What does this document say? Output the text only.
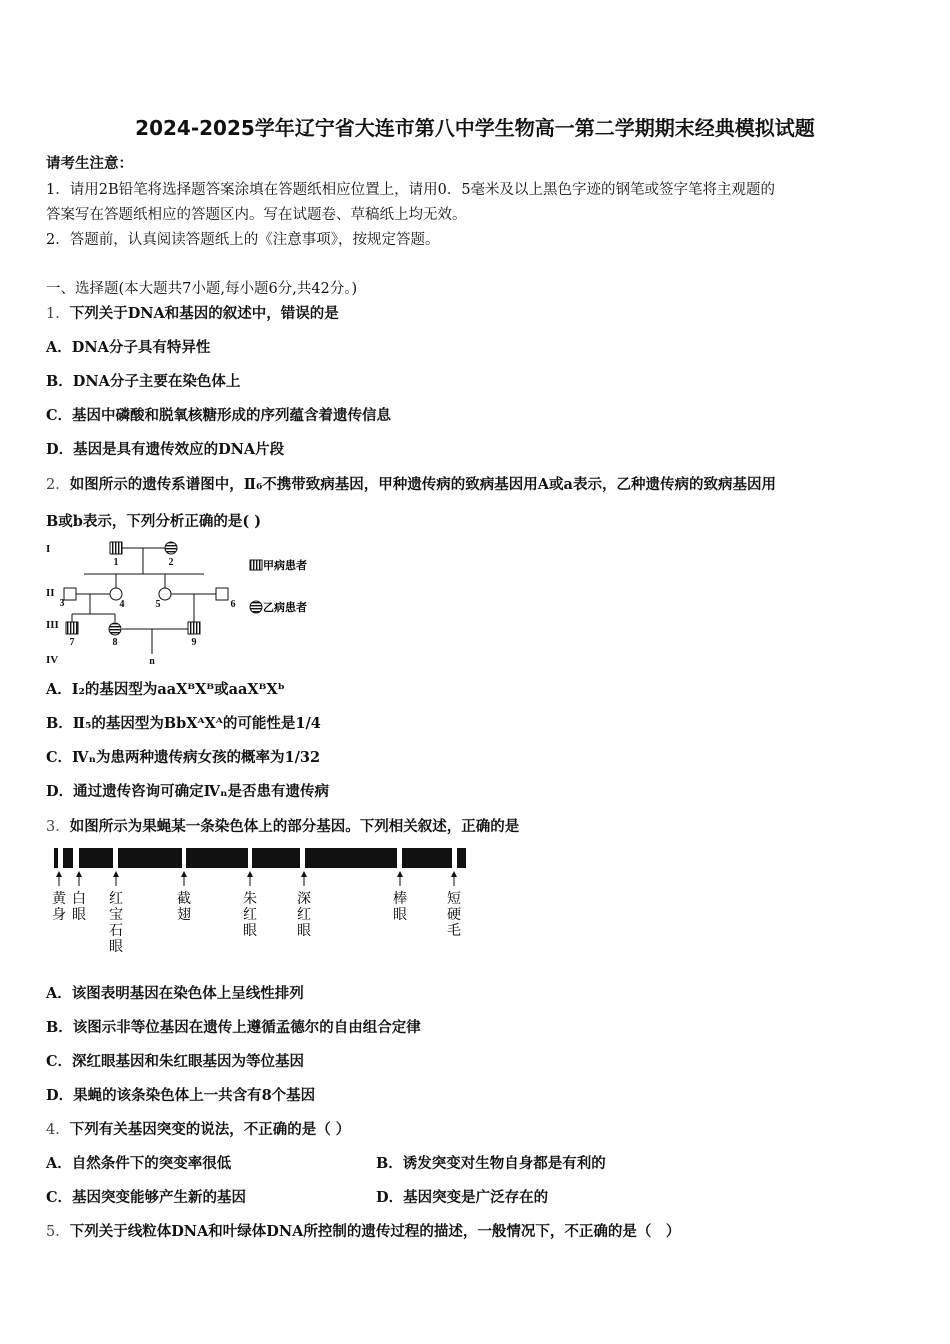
2024-2025学年辽宁省大连市第八中学生物高一第二学期期末经典模拟试题
请考生注意：
1．请用2B铅笔将选择题答案涂填在答题纸相应位置上，请用0．5毫米及以上黑色字迹的钢笔或签字笔将主观题的
答案写在答题纸相应的答题区内。写在试题卷、草稿纸上均无效。
2．答题前，认真阅读答题纸上的《注意事项》，按规定答题。
一、选择题(本大题共7小题,每小题6分,共42分。)
1．下列关于DNA和基因的叙述中，错误的是
A．DNA分子具有特异性
B．DNA分子主要在染色体上
C．基因中磷酸和脱氧核糖形成的序列蕴含着遗传信息
D．基因是具有遗传效应的DNA片段
2．如图所示的遗传系谱图中，Ⅱ₆不携带致病基因，甲种遗传病的致病基因用A或a表示，乙种遗传病的致病基因用
B或b表示，下列分析正确的是( )
I
II
III
IV
1	2
3	4	5	6
7	8	9
n
甲病患者
乙病患者
A．Ⅰ₂的基因型为aaXᴮXᴮ或aaXᴮXᵇ
B．Ⅱ₅的基因型为BbXᴬXᴬ的可能性是1/4
C．Ⅳₙ为患两种遗传病女孩的概率为1/32
D．通过遗传咨询可确定Ⅳₙ是否患有遗传病
3．如图所示为果蝇某一条染色体上的部分基因。下列相关叙述，正确的是
黄身
白眼
红宝石眼
截翅
朱红眼
深红眼
棒眼
短硬毛
A．该图表明基因在染色体上呈线性排列
B．该图示非等位基因在遗传上遵循孟德尔的自由组合定律
C．深红眼基因和朱红眼基因为等位基因
D．果蝇的该条染色体上一共含有8个基因
4．下列有关基因突变的说法，不正确的是（ ）
A．自然条件下的突变率很低	B．诱发突变对生物自身都是有利的
C．基因突变能够产生新的基因	D．基因突变是广泛存在的
5．下列关于线粒体DNA和叶绿体DNA所控制的遗传过程的描述，一般情况下，不正确的是（　）
